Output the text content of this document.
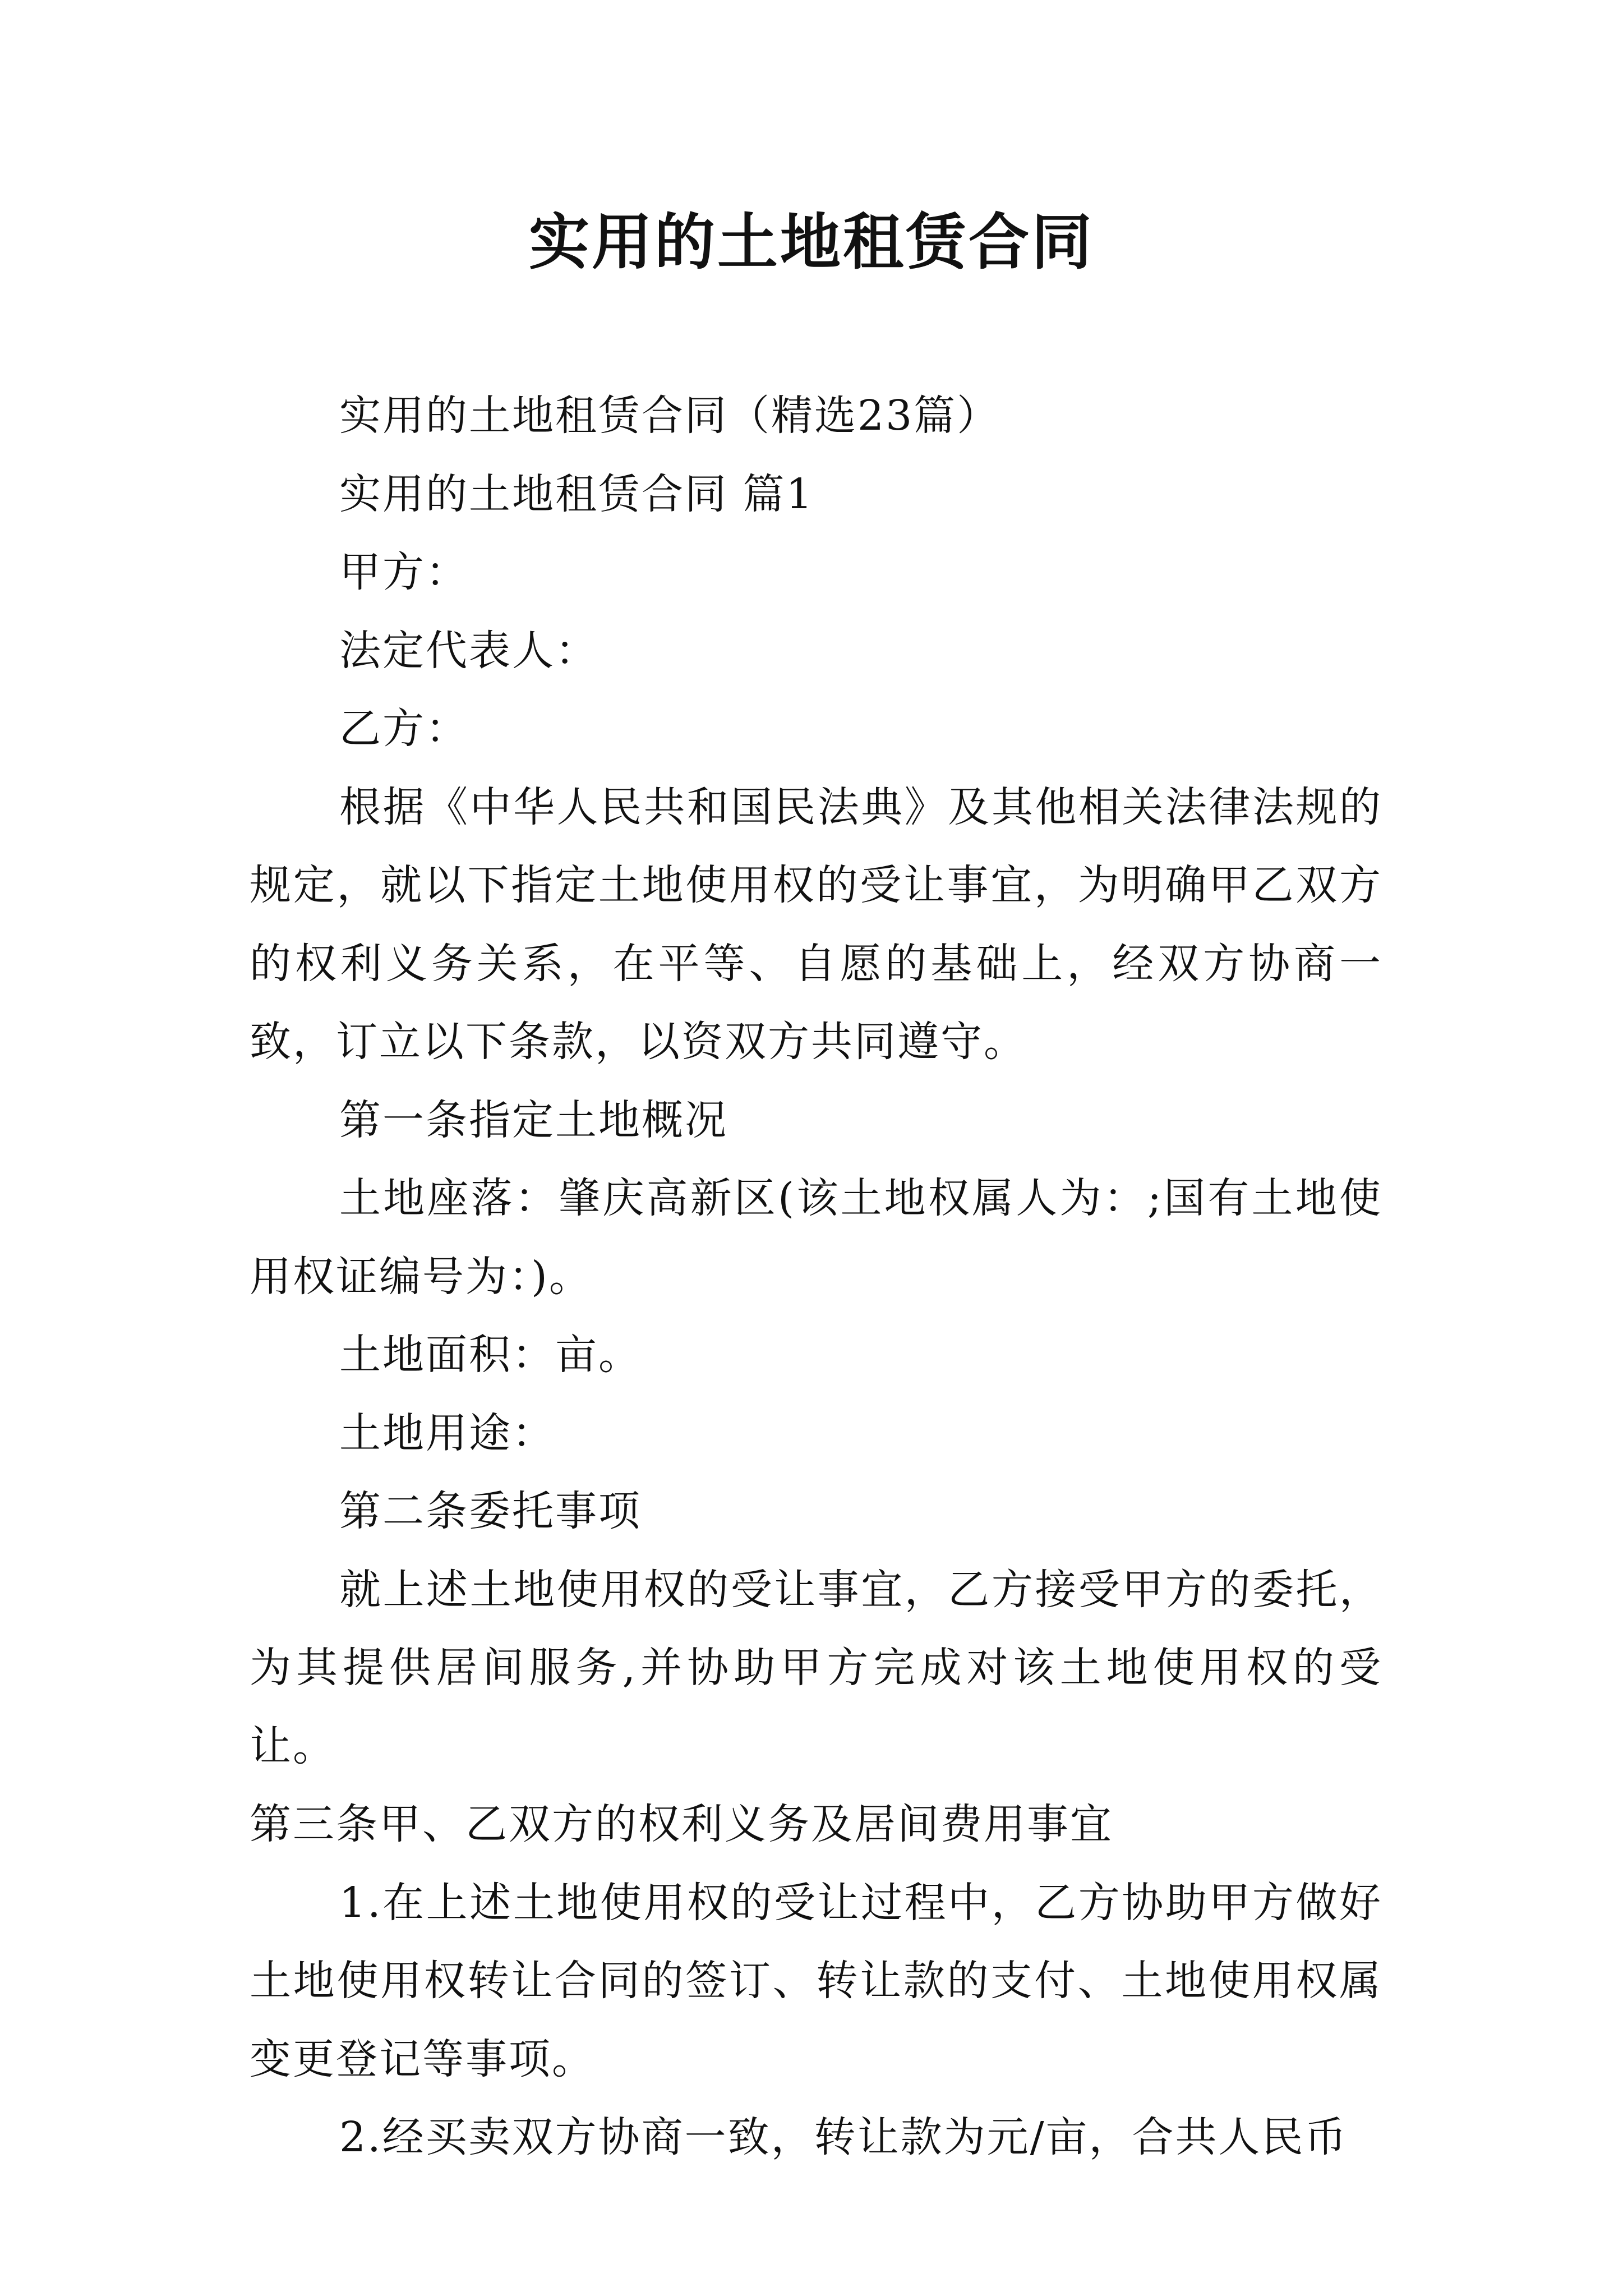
实用的土地租赁合同

实用的土地租赁合同（精选23篇）

实用的土地租赁合同 篇1

甲方：

法定代表人：

乙方：

根据《中华人民共和国民法典》及其他相关法律法规的规定，就以下指定土地使用权的受让事宜，为明确甲乙双方的权利义务关系，在平等、自愿的基础上，经双方协商一致，订立以下条款，以资双方共同遵守。

第一条指定土地概况

土地座落：肇庆高新区(该土地权属人为：;国有土地使用权证编号为：)。

土地面积：亩。

土地用途：

第二条委托事项

就上述土地使用权的受让事宜，乙方接受甲方的委托，为其提供居间服务,并协助甲方完成对该土地使用权的受让。

第三条甲、乙双方的权利义务及居间费用事宜

1.在上述土地使用权的受让过程中，乙方协助甲方做好土地使用权转让合同的签订、转让款的支付、土地使用权属变更登记等事项。

2.经买卖双方协商一致，转让款为元/亩，合共人民币
